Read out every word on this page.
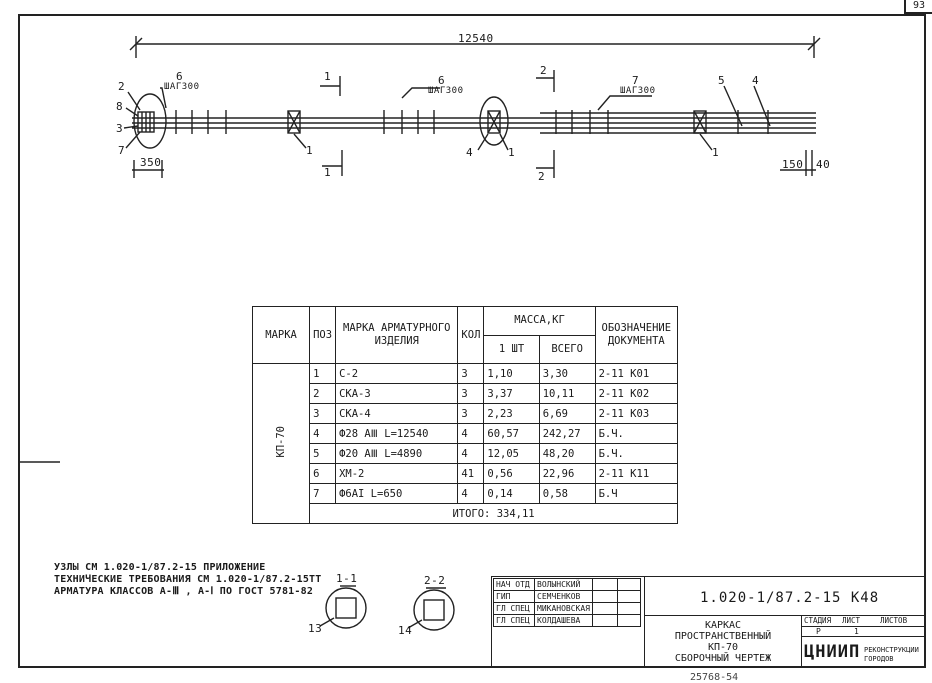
93
12540
ШАГ300	ШАГ300	ШАГ300
2
8
3
7
6	6	7	5 4
1	1
4	1
1
1
2
2
350	150 40
МАРКА	ПОЗ	МАРКА АРМАТУРНОГО ИЗДЕЛИЯ	КОЛ	МАССА,КГ		ОБОЗНАЧЕНИЕ ДОКУМЕНТА
				1 ШТ	ВСЕГО	
КП-70	1	С-2	3	1,10	3,30	2-11 К01
	2	СКА-3	3	3,37	10,11	2-11 К02
	3	СКА-4	3	2,23	6,69	2-11 К03
	4	Ф28 АⅢ L=12540	4	60,57	242,27	Б.Ч.
	5	Ф20 АⅢ L=4890	4	12,05	48,20	Б.Ч.
	6	ХМ-2	41	0,56	22,96	2-11 К11
	7	Ф6АI L=650	4	0,14	0,58	Б.Ч
	ИТОГО: 334,11					
УЗЛЫ СМ 1.020-1/87.2-15 ПРИЛОЖЕНИЕ
ТЕХНИЧЕСКИЕ ТРЕБОВАНИЯ СМ 1.020-1/87.2-15ТТ
АРМАТУРА КЛАССОВ А-Ⅲ , А-Ⅰ ПО ГОСТ 5781-82
1-1
13
2-2
14
НАЧ ОТД	ВОЛЫНСКИЙ		
ГИП	СЕМЧЕНКОВ		
ГЛ СПЕЦ	МИКАНОВСКАЯ		
ГЛ СПЕЦ	КОЛДАШЕВА		
1.020-1/87.2-15 К48
КАРКАС
ПРОСТРАНСТВЕННЫЙ
КП-70
СБОРОЧНЫЙ ЧЕРТЕЖ
СТАДИЯ ЛИСТ	ЛИСТОВ
Р	1
ЦНИИП РЕКОНСТРУКЦИИ ГОРОДОВ
25768-54
